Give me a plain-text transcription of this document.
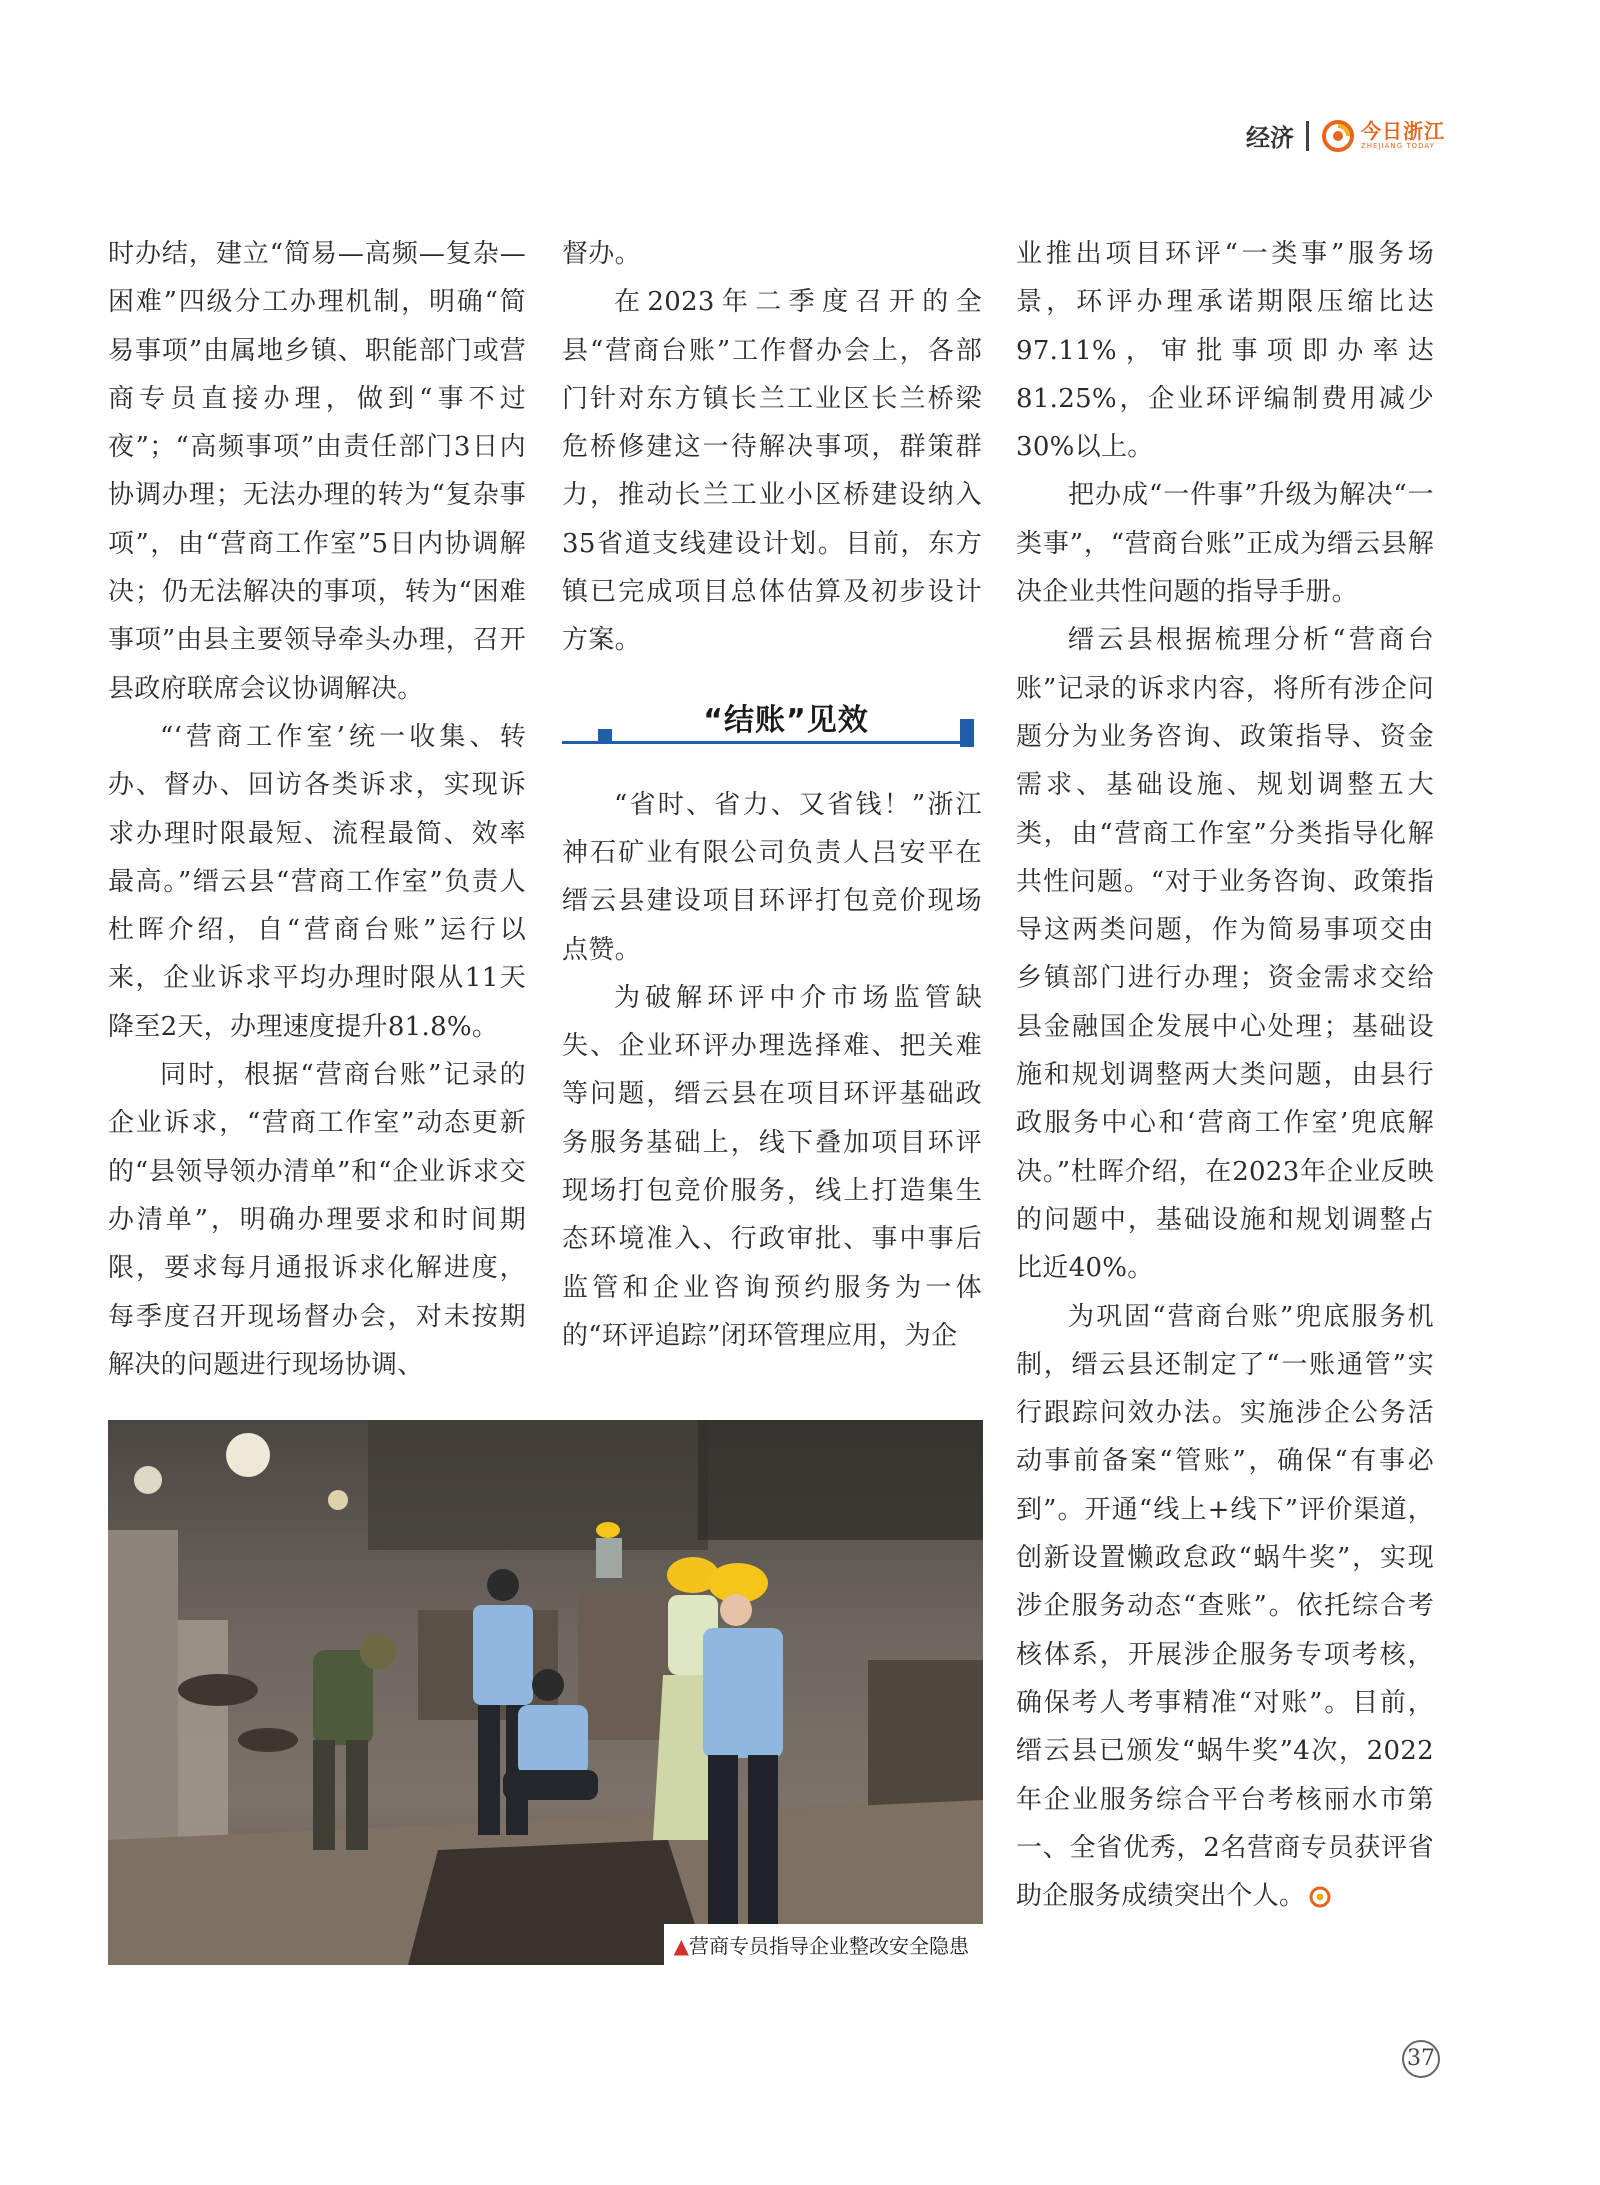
经济	今日浙江
ZHEJIANG TODAY

时办结，建立“简易—高频—复杂—困难”四级分工办理机制，明确“简易事项”由属地乡镇、职能部门或营商专员直接办理，做到“事不过夜”；“高频事项”由责任部门3日内协调办理；无法办理的转为“复杂事项”，由“营商工作室”5日内协调解决；仍无法解决的事项，转为“困难事项”由县主要领导牵头办理，召开县政府联席会议协调解决。

“‘营商工作室’统一收集、转办、督办、回访各类诉求，实现诉求办理时限最短、流程最简、效率最高。”缙云县“营商工作室”负责人杜晖介绍，自“营商台账”运行以来，企业诉求平均办理时限从11天降至2天，办理速度提升81.8%。

同时，根据“营商台账”记录的企业诉求，“营商工作室”动态更新的“县领导领办清单”和“企业诉求交办清单”，明确办理要求和时间期限，要求每月通报诉求化解进度，每季度召开现场督办会，对未按期解决的问题进行现场协调、

督办。

在2023年二季度召开的全县“营商台账”工作督办会上，各部门针对东方镇长兰工业区长兰桥梁危桥修建这一待解决事项，群策群力，推动长兰工业小区桥建设纳入35省道支线建设计划。目前，东方镇已完成项目总体估算及初步设计方案。

“结账”见效

“省时、省力、又省钱！”浙江神石矿业有限公司负责人吕安平在缙云县建设项目环评打包竞价现场点赞。

为破解环评中介市场监管缺失、企业环评办理选择难、把关难等问题，缙云县在项目环评基础政务服务基础上，线下叠加项目环评现场打包竞价服务，线上打造集生态环境准入、行政审批、事中事后监管和企业咨询预约服务为一体的“环评追踪”闭环管理应用，为企

业推出项目环评“一类事”服务场景，环评办理承诺期限压缩比达97.11%，审批事项即办率达81.25%，企业环评编制费用减少30%以上。

把办成“一件事”升级为解决“一类事”，“营商台账”正成为缙云县解决企业共性问题的指导手册。

缙云县根据梳理分析“营商台账”记录的诉求内容，将所有涉企问题分为业务咨询、政策指导、资金需求、基础设施、规划调整五大类，由“营商工作室”分类指导化解共性问题。“对于业务咨询、政策指导这两类问题，作为简易事项交由乡镇部门进行办理；资金需求交给县金融国企发展中心处理；基础设施和规划调整两大类问题，由县行政服务中心和‘营商工作室’兜底解决。”杜晖介绍，在2023年企业反映的问题中，基础设施和规划调整占比近40%。

为巩固“营商台账”兜底服务机制，缙云县还制定了“一账通管”实行跟踪问效办法。实施涉企公务活动事前备案“管账”，确保“有事必到”。开通“线上+线下”评价渠道，创新设置懒政怠政“蜗牛奖”，实现涉企服务动态“查账”。依托综合考核体系，开展涉企服务专项考核，确保考人考事精准“对账”。目前，缙云县已颁发“蜗牛奖”4次，2022年企业服务综合平台考核丽水市第一、全省优秀，2名营商专员获评省助企服务成绩突出个人。

▲营商专员指导企业整改安全隐患
37
